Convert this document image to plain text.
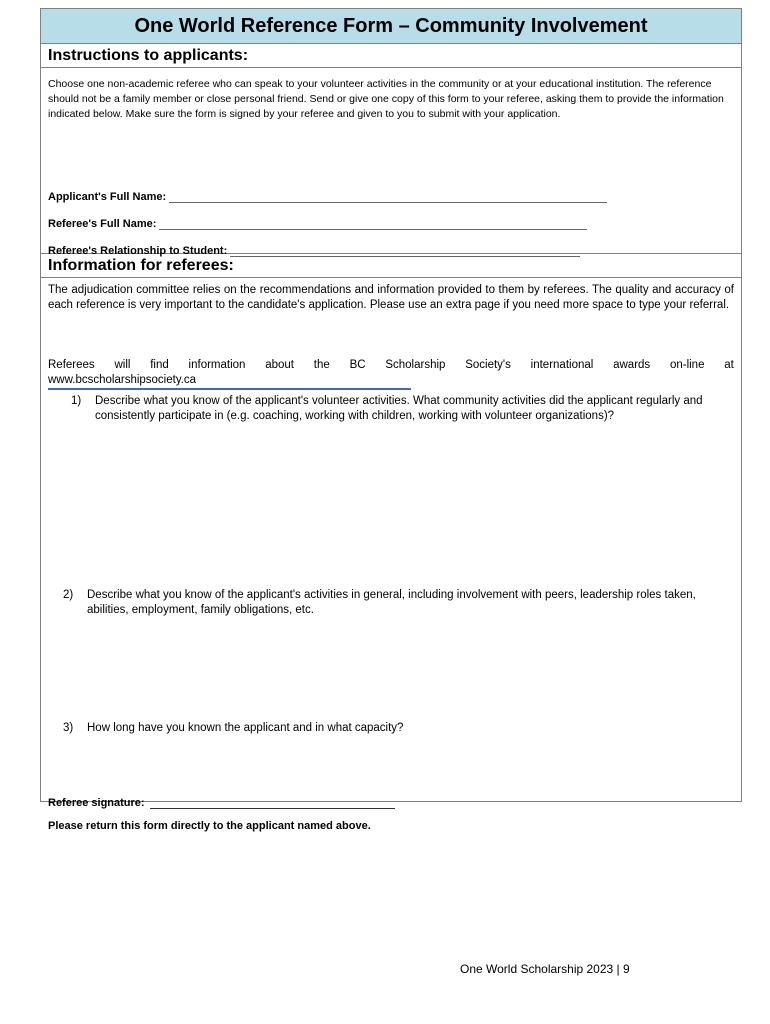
One World Reference Form – Community Involvement
Instructions to applicants:

Choose one non-academic referee who can speak to your volunteer activities in the community or at your educational institution. The reference should not be a family member or close personal friend. Send or give one copy of this form to your referee, asking them to provide the information indicated below. Make sure the form is signed by your referee and given to you to submit with your application.

Applicant's Full Name:
Referee's Full Name:
Referee's Relationship to Student:
Information for referees:

The adjudication committee relies on the recommendations and information provided to them by referees. The quality and accuracy of each reference is very important to the candidate's application. Please use an extra page if you need more space to type your referral.

Referees will find information about the BC Scholarship Society's international awards on-line at
www.bcscholarshipsociety.ca
1)	Describe what you know of the applicant's volunteer activities. What community activities did the applicant regularly and consistently participate in (e.g. coaching, working with children, working with volunteer organizations)?
2)	Describe what you know of the applicant's activities in general, including involvement with peers, leadership roles taken, abilities, employment, family obligations, etc.
3)	How long have you known the applicant and in what capacity?
Referee signature:
Please return this form directly to the applicant named above.
One World Scholarship 2023 | 9
